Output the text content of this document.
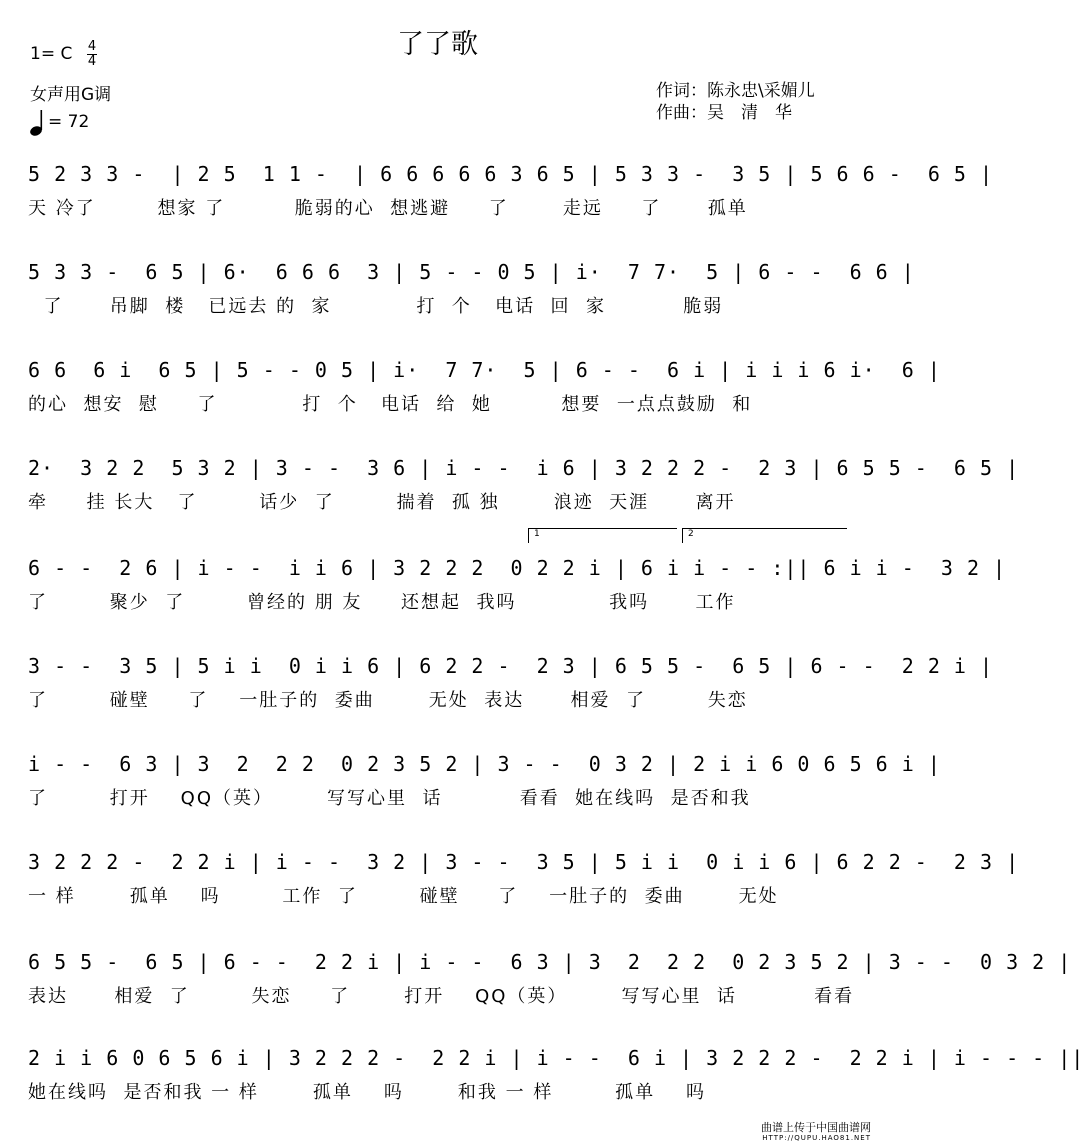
了了歌
1= C 4
4
女声用G调
= 72
作词：陈永忠\采媚儿
作曲：吴　清　华
5 2 3 3 -  | 2 5  1 1 -  | 6 6 6 6 6 3 6 5 | 5 3 3 -  3 5 | 5 6 6 -  6 5 |
天 冷了        想家 了         脆弱的心  想逃避     了       走远     了      孤单
5 3 3 -  6 5 | 6·  6 6 6  3 | 5 - - 0 5 | i·  7 7·  5 | 6 - -  6 6 |
了      吊脚  楼   已远去 的  家           打  个   电话  回  家          脆弱
6 6  6 i  6 5 | 5 - - 0 5 | i·  7 7·  5 | 6 - -  6 i | i i i 6 i·  6 |
的心  想安  慰     了           打  个   电话  给  她         想要  一点点鼓励  和
2·  3 2 2  5 3 2 | 3 - -  3 6 | i - -  i 6 | 3 2 2 2 -  2 3 | 6 5 5 -  6 5 |
牵     挂 长大   了        话少  了        揣着  孤 独       浪迹  天涯      离开
6 - -  2 6 | i - -  i i 6 | 3 2 2 2  0 2 2 i | 6 i i - - :|| 6 i i -  3 2 |
了        聚少  了        曾经的 朋 友     还想起  我吗            我吗      工作
3 - -  3 5 | 5 i i  0 i i 6 | 6 2 2 -  2 3 | 6 5 5 -  6 5 | 6 - -  2 2 i |
了        碰壁     了    一肚子的  委曲       无处  表达      相爱  了        失恋
i - -  6 3 | 3  2  2 2  0 2 3 5 2 | 3 - -  0 3 2 | 2 i i 6 0 6 5 6 i |
了        打开    QQ（英）       写写心里  话          看看  她在线吗  是否和我
3 2 2 2 -  2 2 i | i - -  3 2 | 3 - -  3 5 | 5 i i  0 i i 6 | 6 2 2 -  2 3 |
一 样       孤单    吗        工作  了        碰壁     了    一肚子的  委曲       无处
6 5 5 -  6 5 | 6 - -  2 2 i | i - -  6 3 | 3  2  2 2  0 2 3 5 2 | 3 - -  0 3 2 |
表达      相爱  了        失恋     了       打开    QQ（英）       写写心里  话          看看
2 i i 6 0 6 5 6 i | 3 2 2 2 -  2 2 i | i - -  6 i | 3 2 2 2 -  2 2 i | i - - - ||
她在线吗  是否和我 一 样       孤单    吗       和我 一 样        孤单    吗
1	2
曲谱上传于中国曲谱网
HTTP://QUPU.HAO81.NET
